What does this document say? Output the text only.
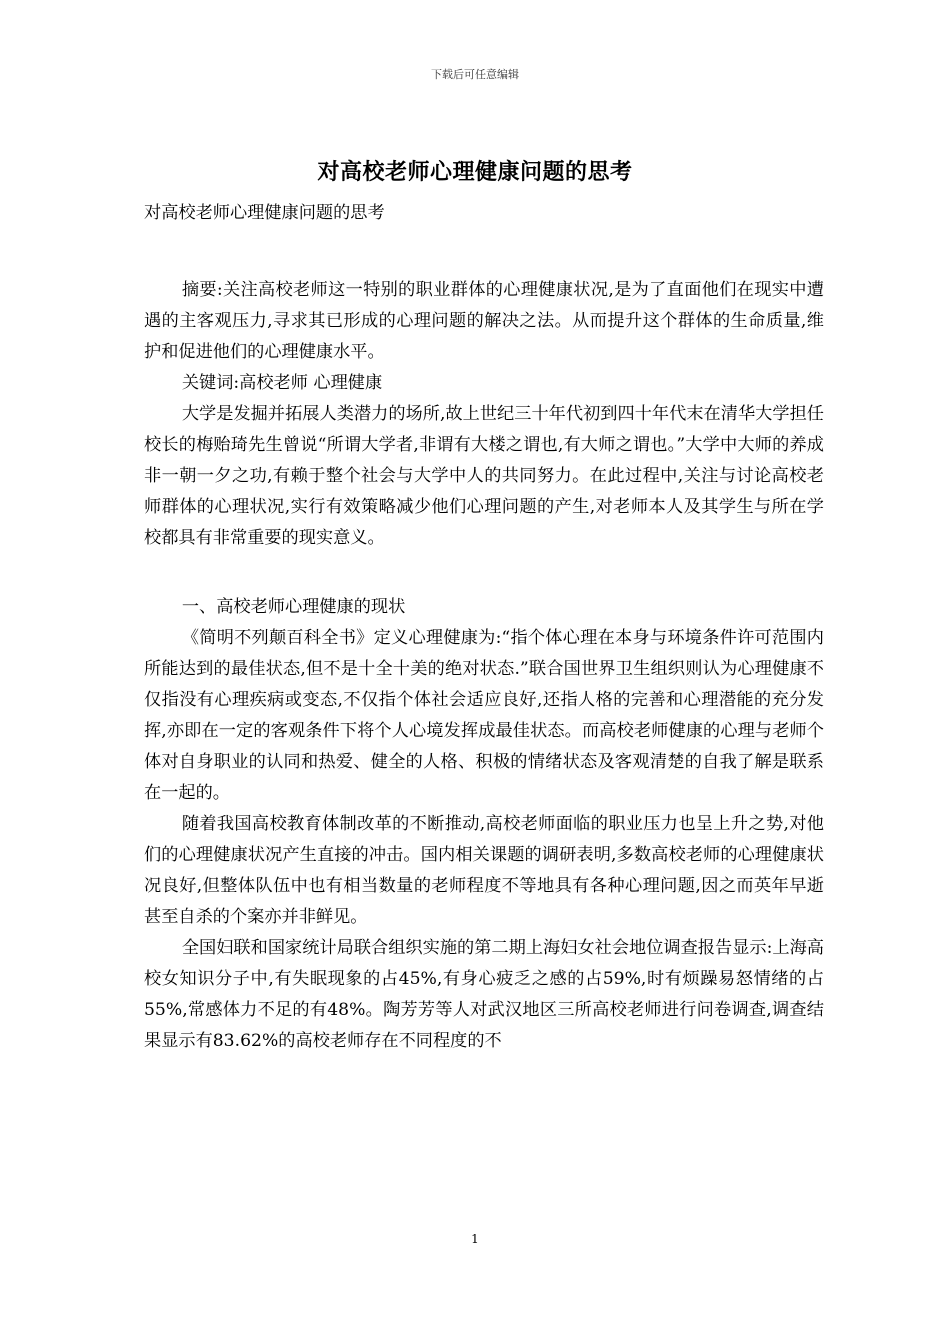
下载后可任意编辑
对高校老师心理健康问题的思考

对高校老师心理健康问题的思考

摘要:关注高校老师这一特别的职业群体的心理健康状况,是为了直面他们在现实中遭遇的主客观压力,寻求其已形成的心理问题的解决之法。从而提升这个群体的生命质量,维护和促进他们的心理健康水平。

关键词:高校老师 心理健康

大学是发掘并拓展人类潜力的场所,故上世纪三十年代初到四十年代末在清华大学担任校长的梅贻琦先生曾说“所谓大学者,非谓有大楼之谓也,有大师之谓也。”大学中大师的养成非一朝一夕之功,有赖于整个社会与大学中人的共同努力。在此过程中,关注与讨论高校老师群体的心理状况,实行有效策略减少他们心理问题的产生,对老师本人及其学生与所在学校都具有非常重要的现实意义。

一、高校老师心理健康的现状

《简明不列颠百科全书》定义心理健康为:“指个体心理在本身与环境条件许可范围内所能达到的最佳状态,但不是十全十美的绝对状态.”联合国世界卫生组织则认为心理健康不仅指没有心理疾病或变态,不仅指个体社会适应良好,还指人格的完善和心理潜能的充分发挥,亦即在一定的客观条件下将个人心境发挥成最佳状态。而高校老师健康的心理与老师个体对自身职业的认同和热爱、健全的人格、积极的情绪状态及客观清楚的自我了解是联系在一起的。

随着我国高校教育体制改革的不断推动,高校老师面临的职业压力也呈上升之势,对他们的心理健康状况产生直接的冲击。国内相关课题的调研表明,多数高校老师的心理健康状况良好,但整体队伍中也有相当数量的老师程度不等地具有各种心理问题,因之而英年早逝甚至自杀的个案亦并非鲜见。

全国妇联和国家统计局联合组织实施的第二期上海妇女社会地位调查报告显示:上海高校女知识分子中,有失眠现象的占45%,有身心疲乏之感的占59%,时有烦躁易怒情绪的占55%,常感体力不足的有48%。陶芳芳等人对武汉地区三所高校老师进行问卷调查,调查结果显示有83.62%的高校老师存在不同程度的不

1
